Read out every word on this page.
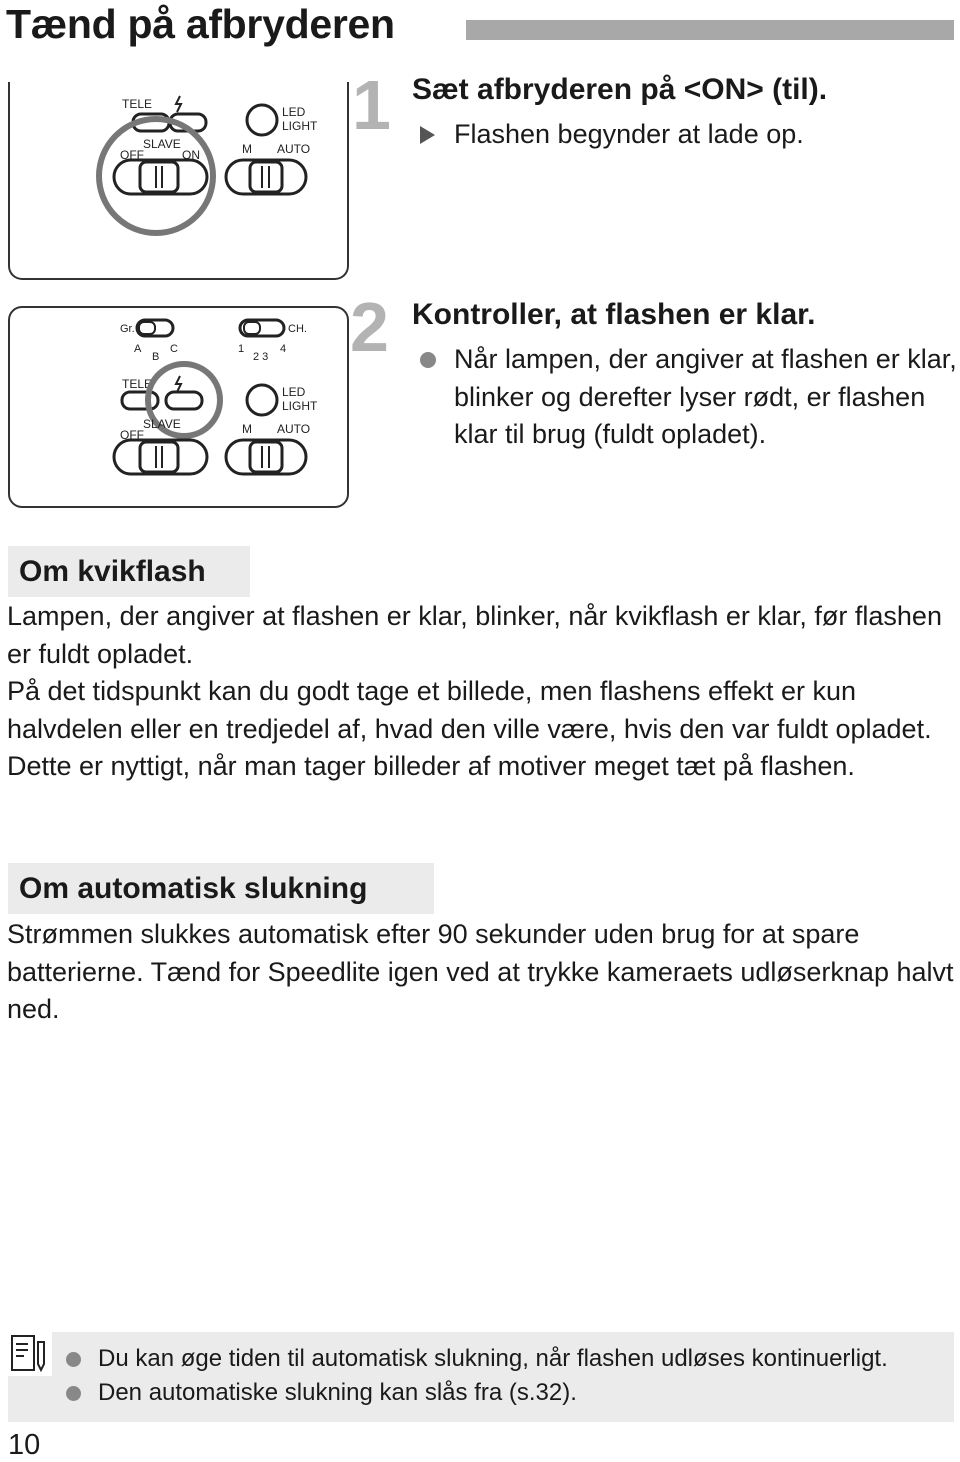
Tænd på afbryderen
TELE
SLAVE
OFF	ON
LED
LIGHT
M AUTO
1 Sæt afbryderen på <ON> (til).
Flashen begynder at lade op.
Gr.
A
B
C
CH.
1
2 3
4
TELE
SLAVE
OFF
LED
LIGHT
M AUTO
2 Kontroller, at flashen er klar.
Når lampen, der angiver at flashen er klar, blinker og derefter lyser rødt, er flashen klar til brug (fuldt opladet).
Om kvikflash
Lampen, der angiver at flashen er klar, blinker, når kvikflash er klar, før flashen er fuldt opladet.
På det tidspunkt kan du godt tage et billede, men flashens effekt er kun halvdelen eller en tredjedel af, hvad den ville være, hvis den var fuldt opladet. Dette er nyttigt, når man tager billeder af motiver meget tæt på flashen.
Om automatisk slukning
Strømmen slukkes automatisk efter 90 sekunder uden brug for at spare batterierne. Tænd for Speedlite igen ved at trykke kameraets udløserknap halvt ned.
Du kan øge tiden til automatisk slukning, når flashen udløses kontinuerligt.
Den automatiske slukning kan slås fra (s.32).
10
